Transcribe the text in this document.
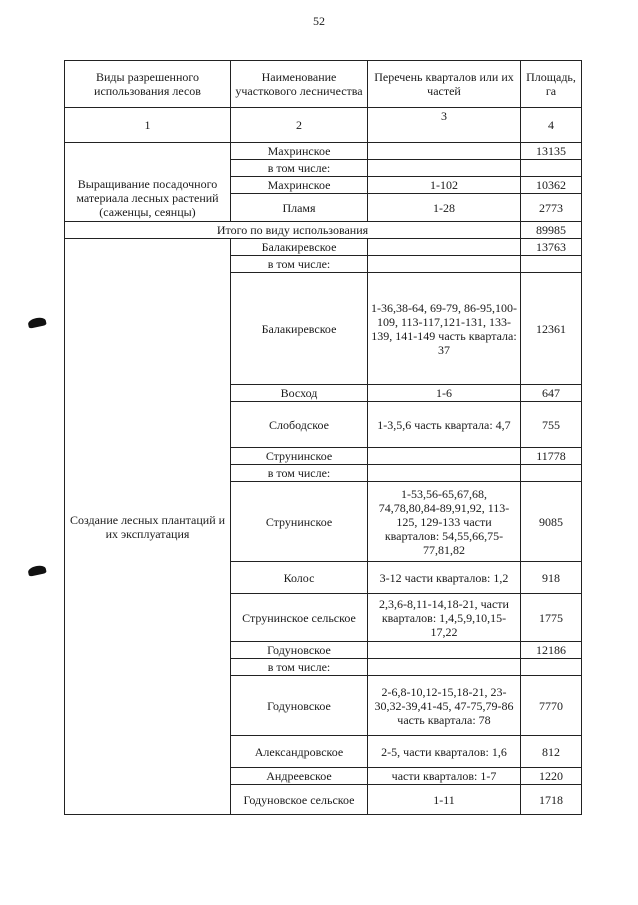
52
Виды разрешенного использования лесов	Наименование участкового лесничества	Перечень кварталов или их частей	Площадь, га
1	2	3	4
Выращивание посадочного материала лесных растений (саженцы, сеянцы)	Махринское		13135
	в том числе:		
	Махринское	1-102	10362
	Пламя	1-28	2773
Итого по виду использования			89985
Создание лесных плантаций и их эксплуатация	Балакиревское		13763
	в том числе:		
	Балакиревское	1-36,38-64, 69-79, 86-95,100-109, 113-117,121-131, 133-139, 141-149 часть квартала: 37	12361
	Восход	1-6	647
	Слободское	1-3,5,6 часть квартала: 4,7	755
	Струнинское		11778
	в том числе:		
	Струнинское	1-53,56-65,67,68, 74,78,80,84-89,91,92, 113-125, 129-133 части кварталов: 54,55,66,75-77,81,82	9085
	Колос	3-12 части кварталов: 1,2	918
	Струнинское сельское	2,3,6-8,11-14,18-21, части кварталов: 1,4,5,9,10,15-17,22	1775
	Годуновское		12186
	в том числе:		
	Годуновское	2-6,8-10,12-15,18-21, 23-30,32-39,41-45, 47-75,79-86 часть квартала: 78	7770
	Александровское	2-5, части кварталов: 1,6	812
	Андреевское	части кварталов: 1-7	1220
	Годуновское сельское	1-11	1718
